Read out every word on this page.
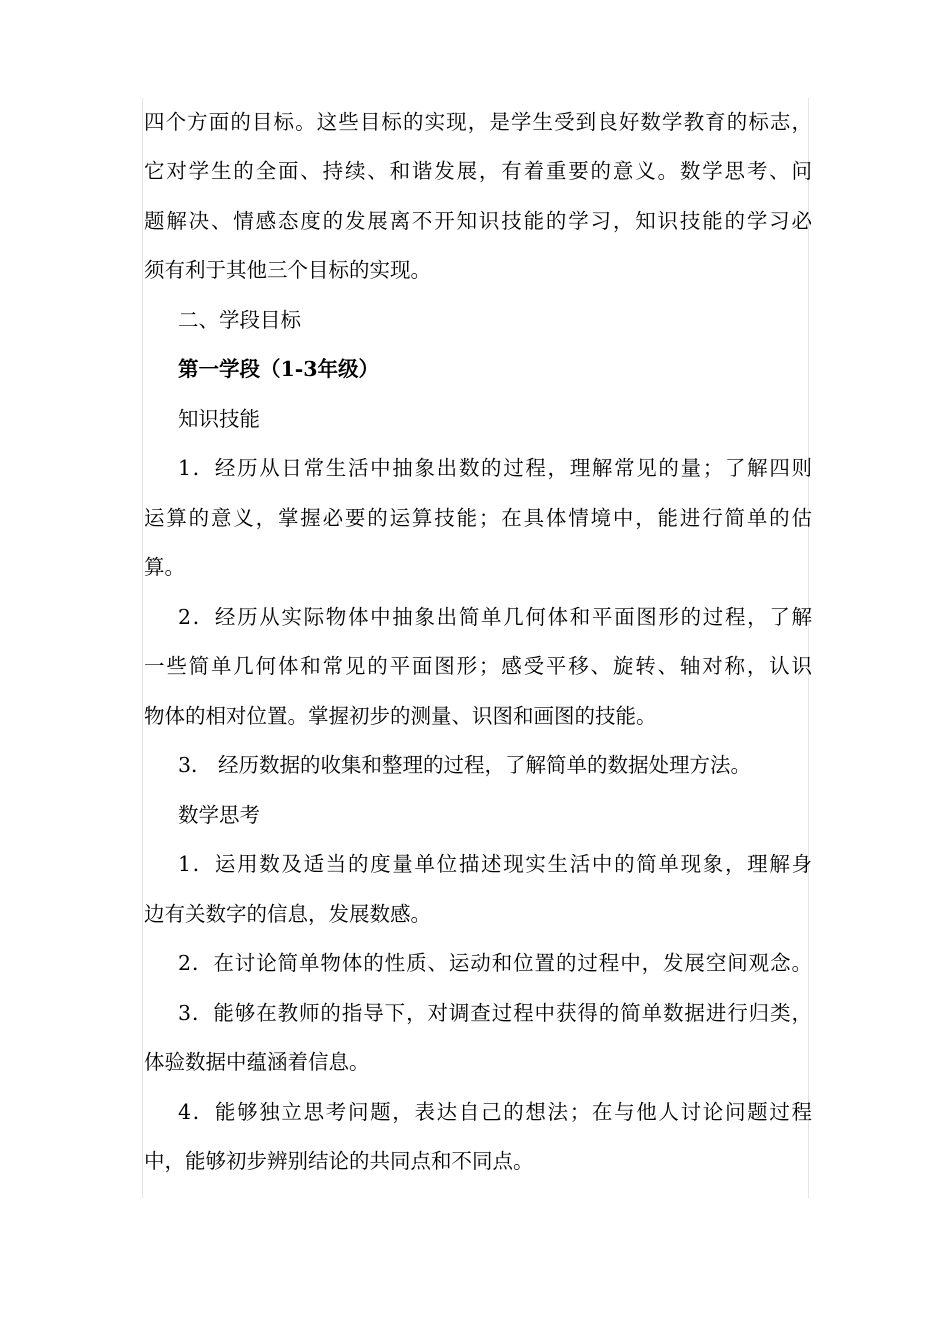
四个方面的目标。这些目标的实现，是学生受到良好数学教育的标志，
它对学生的全面、持续、和谐发展，有着重要的意义。数学思考、问
题解决、情感态度的发展离不开知识技能的学习，知识技能的学习必
须有利于其他三个目标的实现。
二、学段目标
第一学段（1-3年级）
知识技能
1．经历从日常生活中抽象出数的过程，理解常见的量；了解四则
运算的意义，掌握必要的运算技能；在具体情境中，能进行简单的估
算。
2．经历从实际物体中抽象出简单几何体和平面图形的过程，了解
一些简单几何体和常见的平面图形；感受平移、旋转、轴对称，认识
物体的相对位置。掌握初步的测量、识图和画图的技能。
3． 经历数据的收集和整理的过程，了解简单的数据处理方法。
数学思考
1．运用数及适当的度量单位描述现实生活中的简单现象，理解身
边有关数字的信息，发展数感。
2．在讨论简单物体的性质、运动和位置的过程中，发展空间观念。
3．能够在教师的指导下，对调查过程中获得的简单数据进行归类，
体验数据中蕴涵着信息。
4．能够独立思考问题，表达自己的想法；在与他人讨论问题过程
中，能够初步辨别结论的共同点和不同点。
